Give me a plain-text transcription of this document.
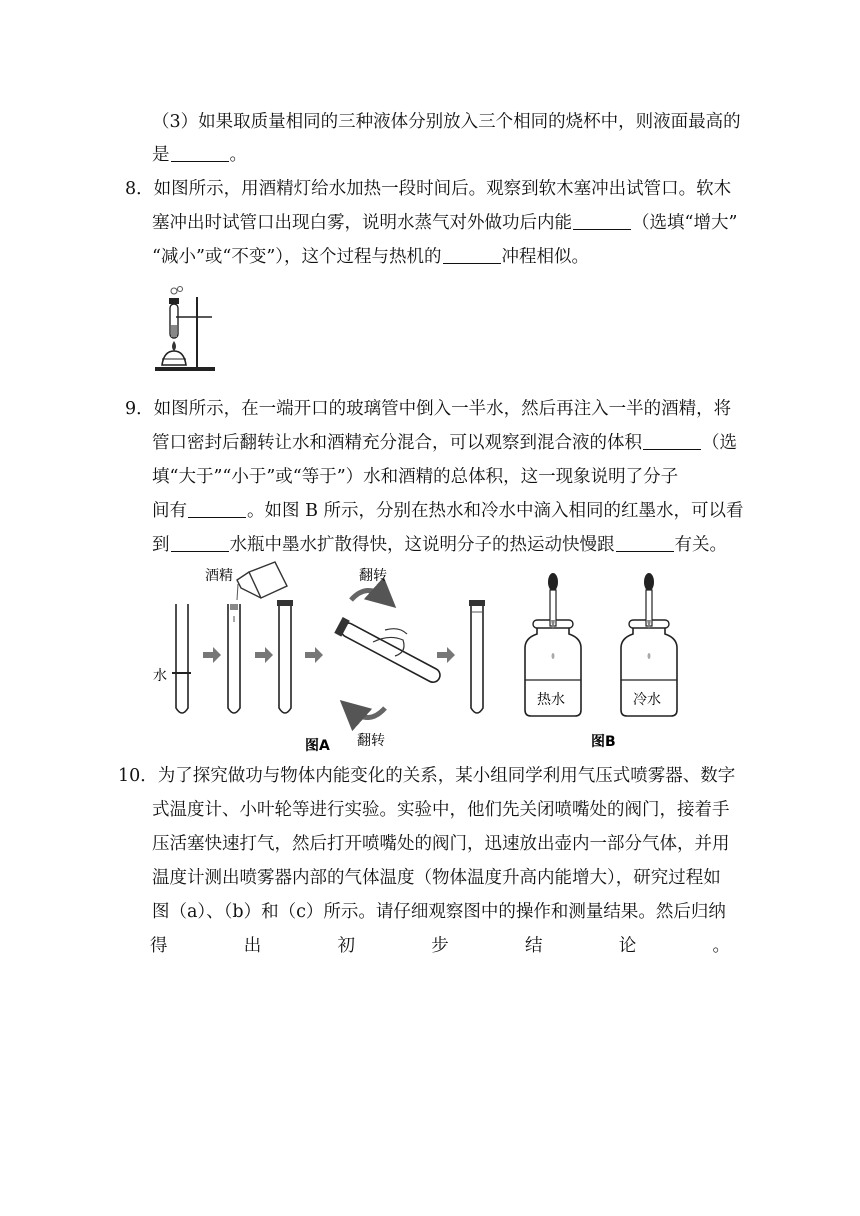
（3）如果取质量相同的三种液体分别放入三个相同的烧杯中，则液面最高的
是	。
8．如图所示，用酒精灯给水加热一段时间后。观察到软木塞冲出试管口。软木
塞冲出时试管口出现白雾，说明水蒸气对外做功后内能	（选填“增大”
“减小”或“不变”），这个过程与热机的	冲程相似。
9．如图所示，在一端开口的玻璃管中倒入一半水，然后再注入一半的酒精，将
管口密封后翻转让水和酒精充分混合，可以观察到混合液的体积	（选
填“大于”“小于”或“等于”）水和酒精的总体积，这一现象说明了分子
间有	。如图 B 所示，分别在热水和冷水中滴入相同的红墨水，可以看
到	水瓶中墨水扩散得快，这说明分子的热运动快慢跟	有关。
酒精
水
翻转
翻转
图A
热水	冷水
图B
10．为了探究做功与物体内能变化的关系，某小组同学利用气压式喷雾器、数字
式温度计、小叶轮等进行实验。实验中，他们先关闭喷嘴处的阀门，接着手
压活塞快速打气，然后打开喷嘴处的阀门，迅速放出壶内一部分气体，并用
温度计测出喷雾器内部的气体温度（物体温度升高内能增大），研究过程如
图（a）、（b）和（c）所示。请仔细观察图中的操作和测量结果。然后归纳
得	出	初	步	结	论	。
